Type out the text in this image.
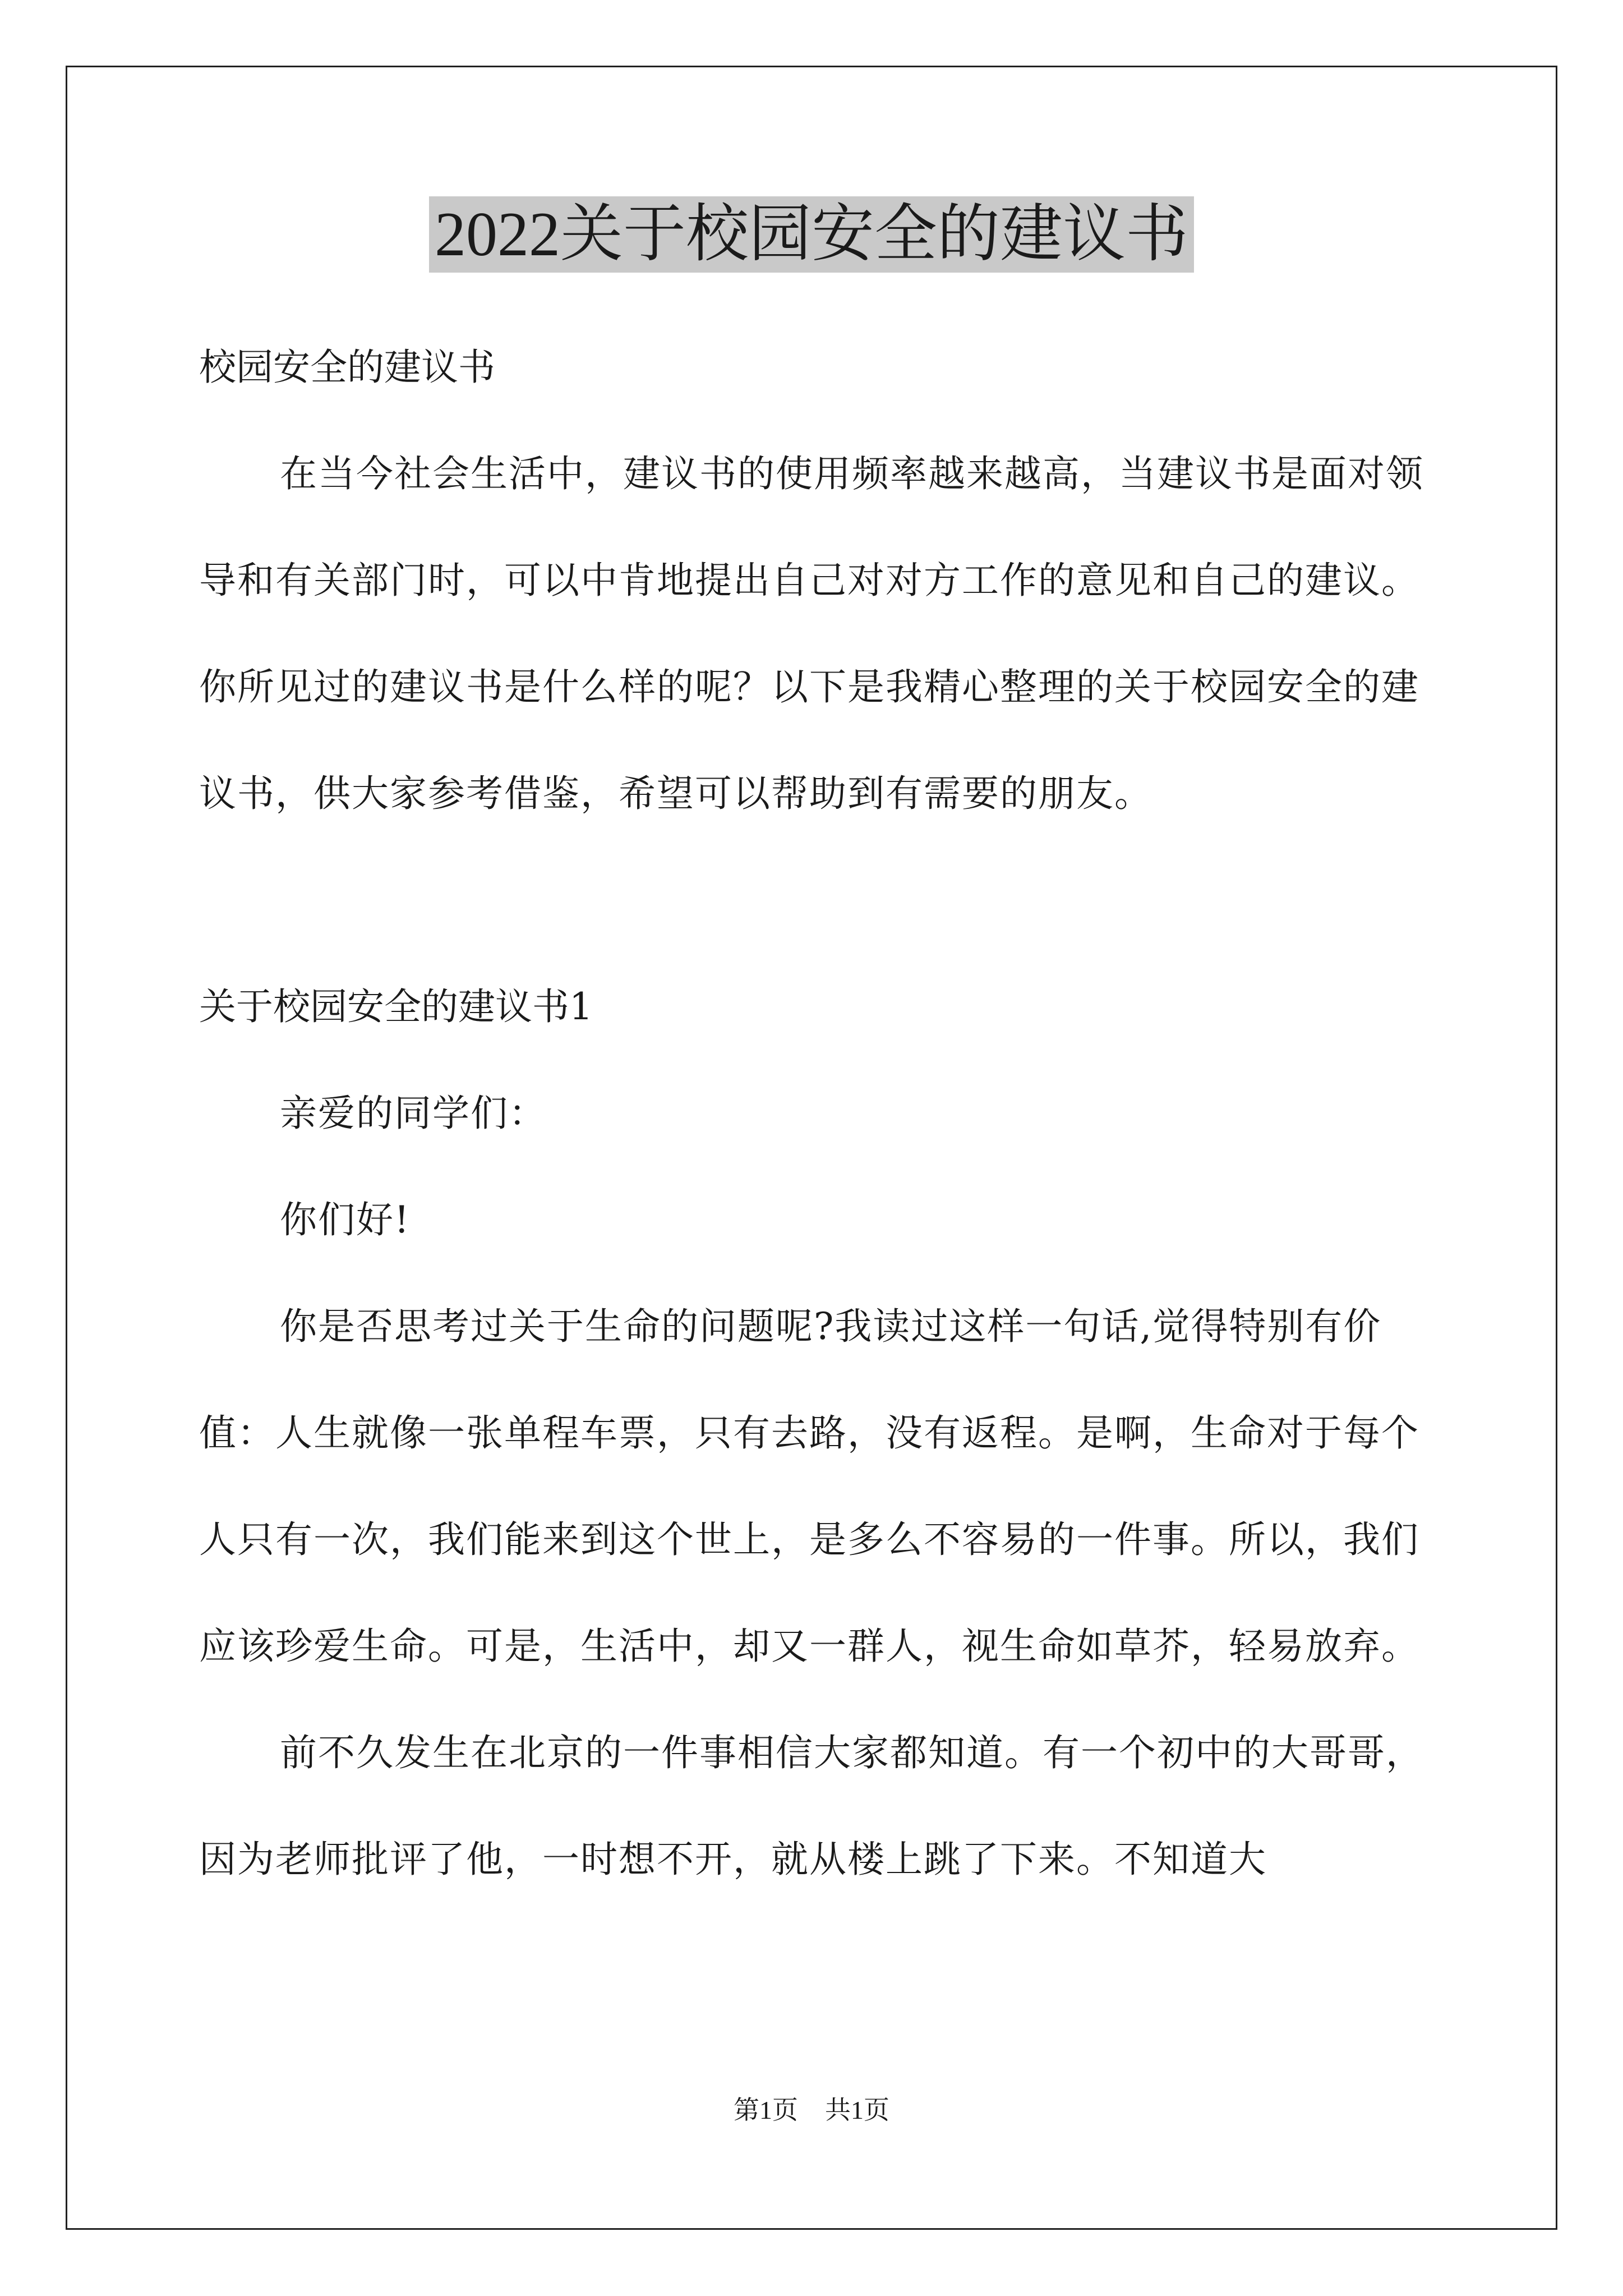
2022关于校园安全的建议书

校园安全的建议书

在当今社会生活中，建议书的使用频率越来越高，当建议书是面对领导和有关部门时，可以中肯地提出自己对对方工作的意见和自己的建议。你所见过的建议书是什么样的呢？以下是我精心整理的关于校园安全的建议书，供大家参考借鉴，希望可以帮助到有需要的朋友。

关于校园安全的建议书1

亲爱的同学们：

你们好!

你是否思考过关于生命的问题呢?我读过这样一句话,觉得特别有价值：人生就像一张单程车票，只有去路，没有返程。是啊，生命对于每个人只有一次，我们能来到这个世上，是多么不容易的一件事。所以，我们应该珍爱生命。可是，生活中，却又一群人，视生命如草芥，轻易放弃。

前不久发生在北京的一件事相信大家都知道。有一个初中的大哥哥，因为老师批评了他，一时想不开，就从楼上跳了下来。不知道大

第1页 共1页
